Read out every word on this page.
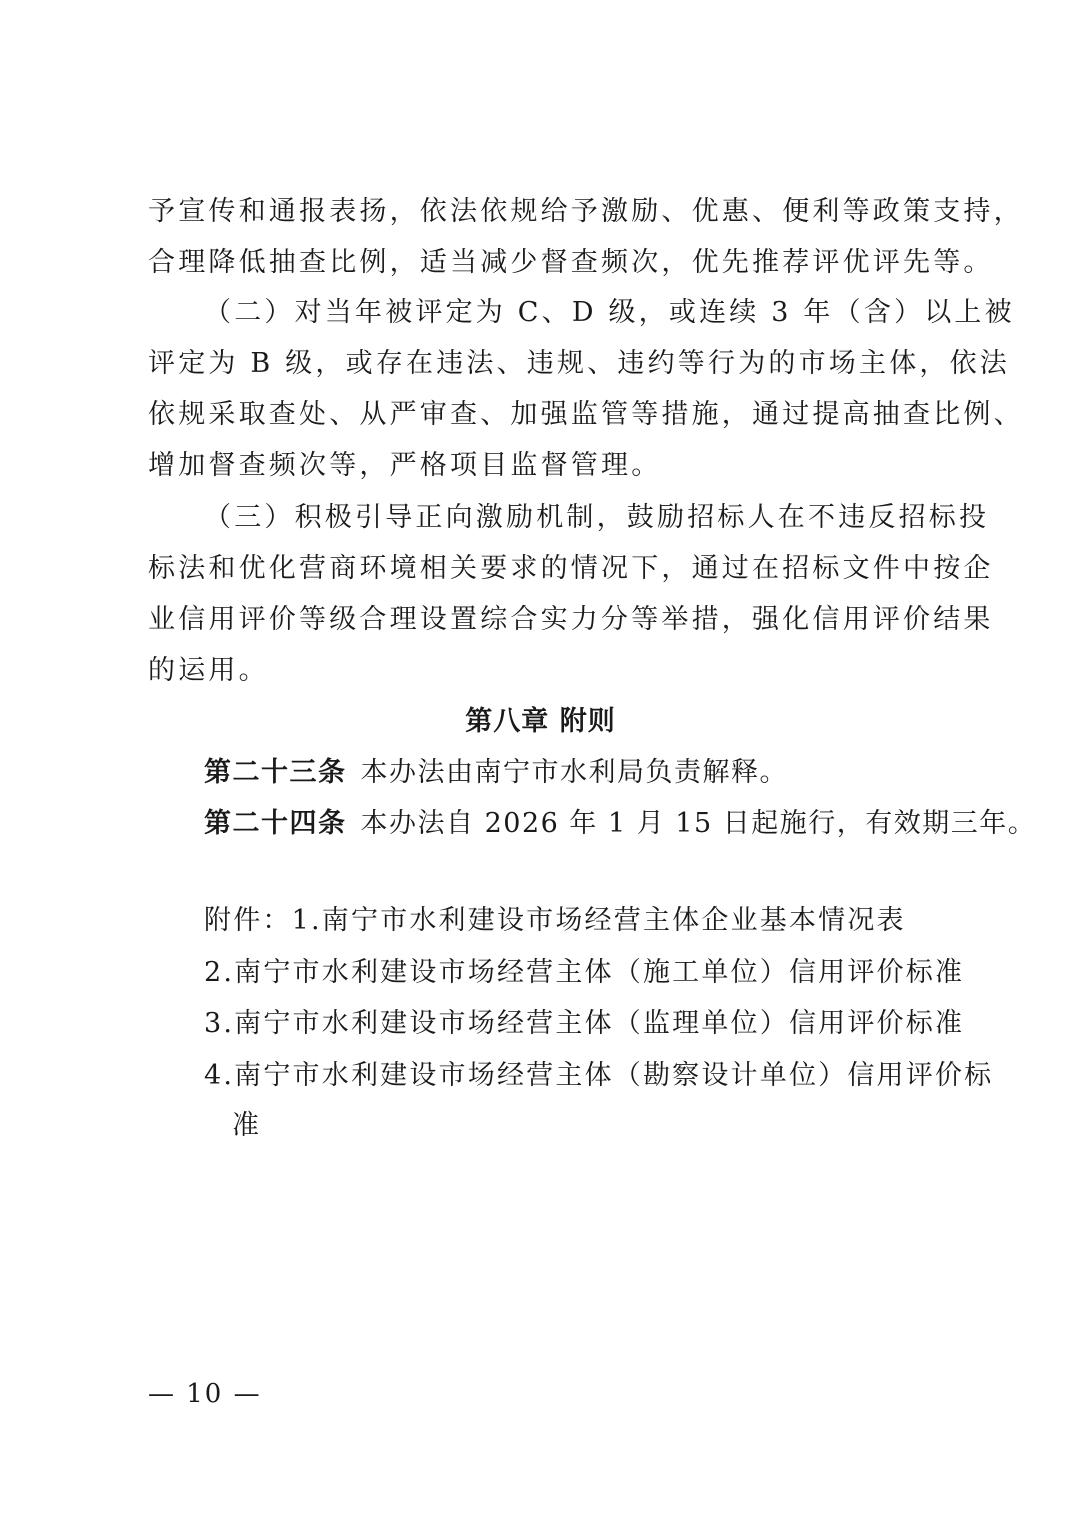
予宣传和通报表扬，依法依规给予激励、优惠、便利等政策支持，
合理降低抽查比例，适当减少督查频次，优先推荐评优评先等。
（二）对当年被评定为 C、D 级，或连续 3 年（含）以上被
评定为 B 级，或存在违法、违规、违约等行为的市场主体，依法
依规采取查处、从严审查、加强监管等措施，通过提高抽查比例、
增加督查频次等，严格项目监督管理。
（三）积极引导正向激励机制，鼓励招标人在不违反招标投
标法和优化营商环境相关要求的情况下，通过在招标文件中按企
业信用评价等级合理设置综合实力分等举措，强化信用评价结果
的运用。
第八章 附则
第二十三条 本办法由南宁市水利局负责解释。
第二十四条 本办法自 2026 年 1 月 15 日起施行，有效期三年。
附件：1.南宁市水利建设市场经营主体企业基本情况表
2.南宁市水利建设市场经营主体（施工单位）信用评价标准
3.南宁市水利建设市场经营主体（监理单位）信用评价标准
4.南宁市水利建设市场经营主体（勘察设计单位）信用评价标
准
— 10 —
